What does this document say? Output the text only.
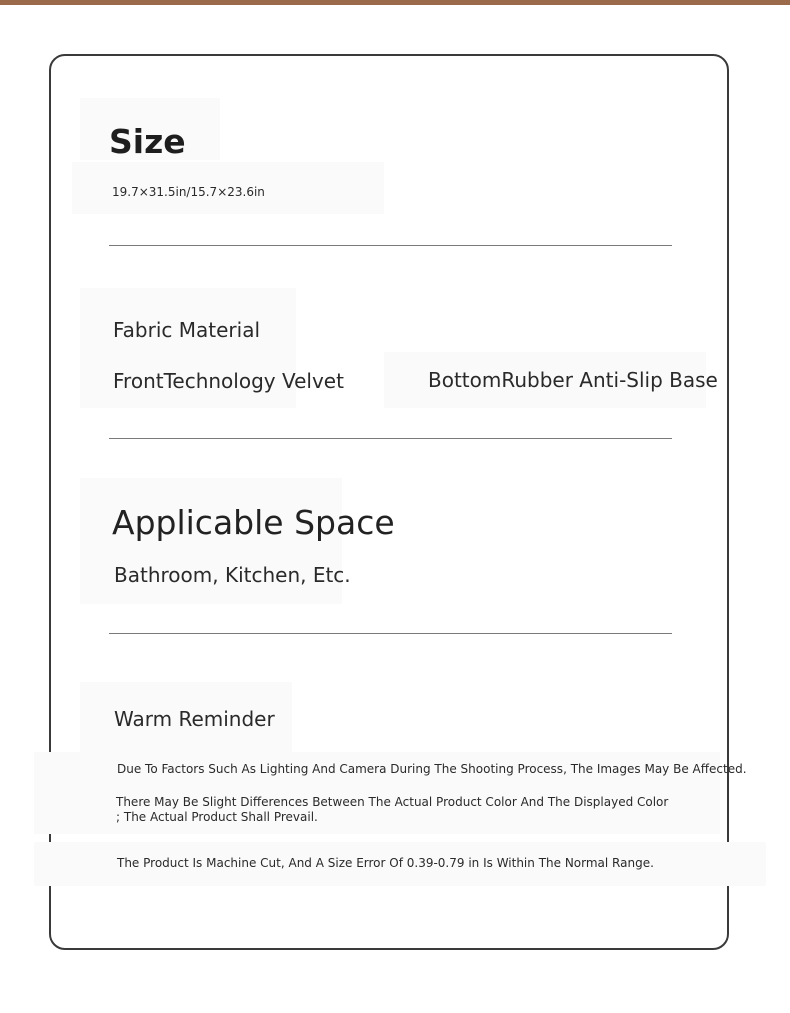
Size
19.7×31.5in/15.7×23.6in
Fabric Material
FrontTechnology Velvet	BottomRubber Anti-Slip Base
Applicable Space
Bathroom, Kitchen, Etc.
Warm Reminder
Due To Factors Such As Lighting And Camera During The Shooting Process, The Images May Be Affected.
There May Be Slight Differences Between The Actual Product Color And The Displayed Color
; The Actual Product Shall Prevail.
The Product Is Machine Cut, And A Size Error Of 0.39-0.79 in Is Within The Normal Range.
